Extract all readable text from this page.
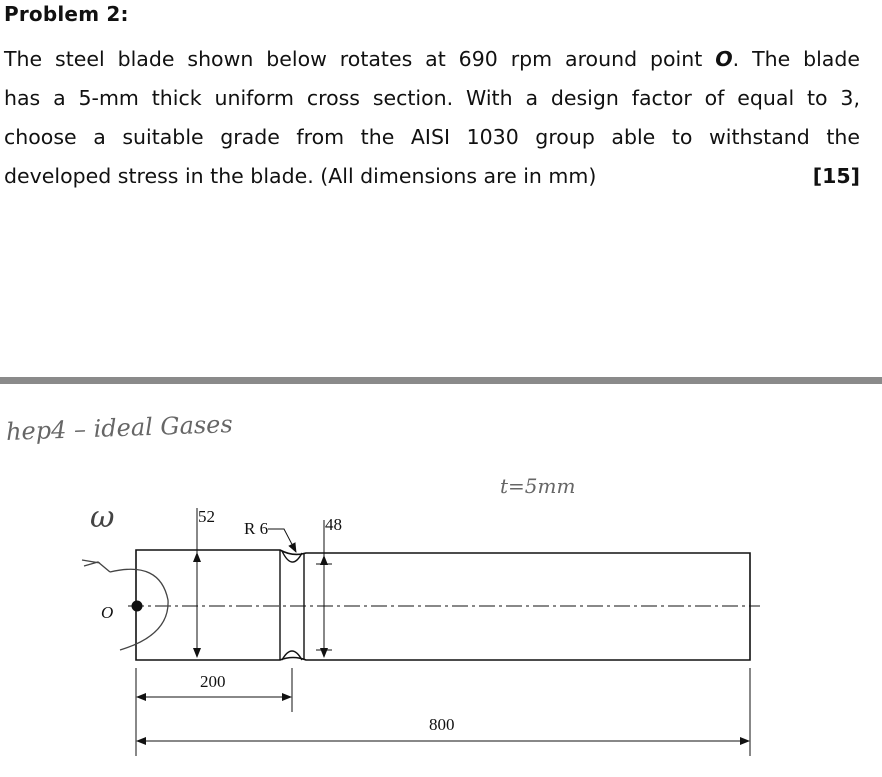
Problem 2:
The steel blade shown below rotates at 690 rpm around point O. The blade
has a 5-mm thick uniform cross section. With a design factor of equal to 3,
choose a suitable grade from the AISI 1030 group able to withstand the
developed stress in the blade. (All dimensions are in mm)	[15]
hep4 – ideal Gases
t=5mm
ω
O
52	48
R 6
200
800
